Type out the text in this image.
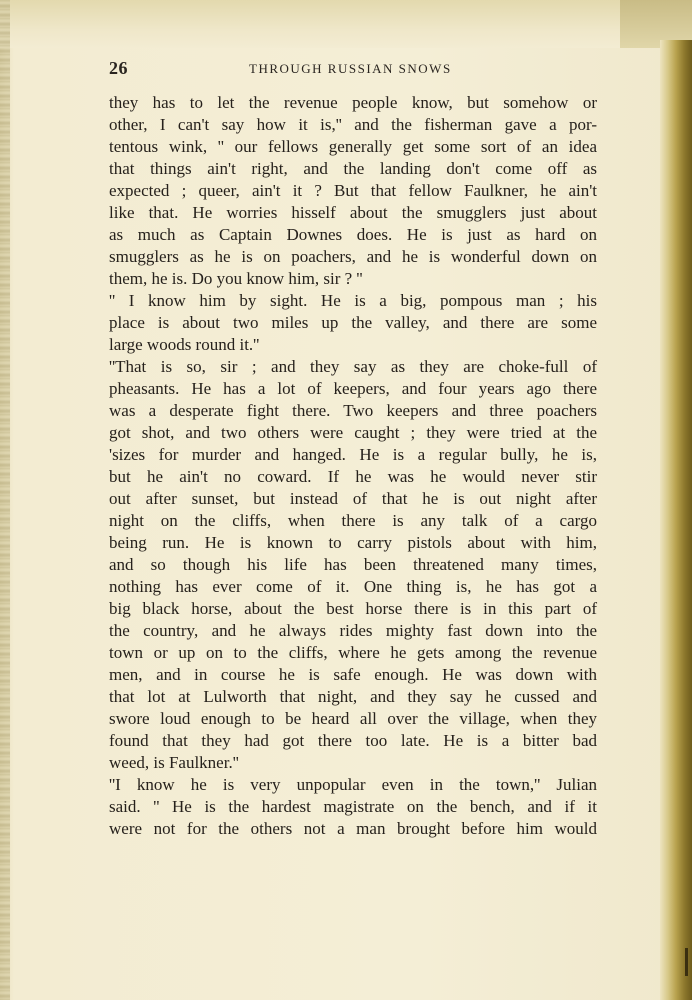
26	THROUGH RUSSIAN SNOWS
they has to let the revenue people know, but somehow or
other, I can't say how it is,'' and the fisherman gave a por-
tentous wink, '' our fellows generally get some sort of an idea
that things ain't right, and the landing don't come off as
expected ; queer, ain't it ? But that fellow Faulkner, he ain't
like that. He worries hisself about the smugglers just about
as much as Captain Downes does. He is just as hard on
smugglers as he is on poachers, and he is wonderful down on
them, he is. Do you know him, sir ? ''
'' I know him by sight. He is a big, pompous man ; his
place is about two miles up the valley, and there are some
large woods round it.''
''That is so, sir ; and they say as they are choke-full of
pheasants. He has a lot of keepers, and four years ago there
was a desperate fight there. Two keepers and three poachers
got shot, and two others were caught ; they were tried at the
'sizes for murder and hanged. He is a regular bully, he is,
but he ain't no coward. If he was he would never stir
out after sunset, but instead of that he is out night after
night on the cliffs, when there is any talk of a cargo
being run. He is known to carry pistols about with him,
and so though his life has been threatened many times,
nothing has ever come of it. One thing is, he has got a
big black horse, about the best horse there is in this part of
the country, and he always rides mighty fast down into the
town or up on to the cliffs, where he gets among the revenue
men, and in course he is safe enough. He was down with
that lot at Lulworth that night, and they say he cussed and
swore loud enough to be heard all over the village, when they
found that they had got there too late. He is a bitter bad
weed, is Faulkner.''
''I know he is very unpopular even in the town,'' Julian
said. '' He is the hardest magistrate on the bench, and if it
were not for the others not a man brought before him would
